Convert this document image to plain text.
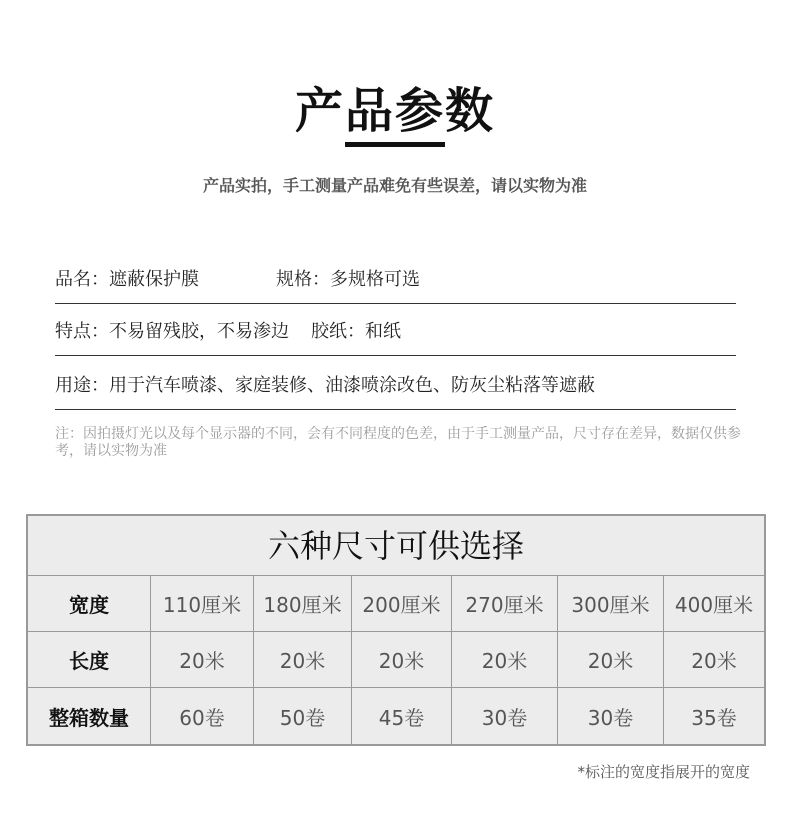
产品参数
产品实拍，手工测量产品难免有些误差，请以实物为准
品名：遮蔽保护膜	规格：多规格可选
特点：不易留残胶，不易渗边 胶纸：和纸
用途：用于汽车喷漆、家庭装修、油漆喷涂改色、防灰尘粘落等遮蔽
注：因拍摄灯光以及每个显示器的不同，会有不同程度的色差，由于手工测量产品，尺寸存在差异，数据仅供参考，请以实物为准
六种尺寸可供选择
宽度	110厘米	180厘米	200厘米	270厘米	300厘米	400厘米
长度	20米	20米	20米	20米	20米	20米
整箱数量	60卷	50卷	45卷	30卷	30卷	35卷
*标注的宽度指展开的宽度
